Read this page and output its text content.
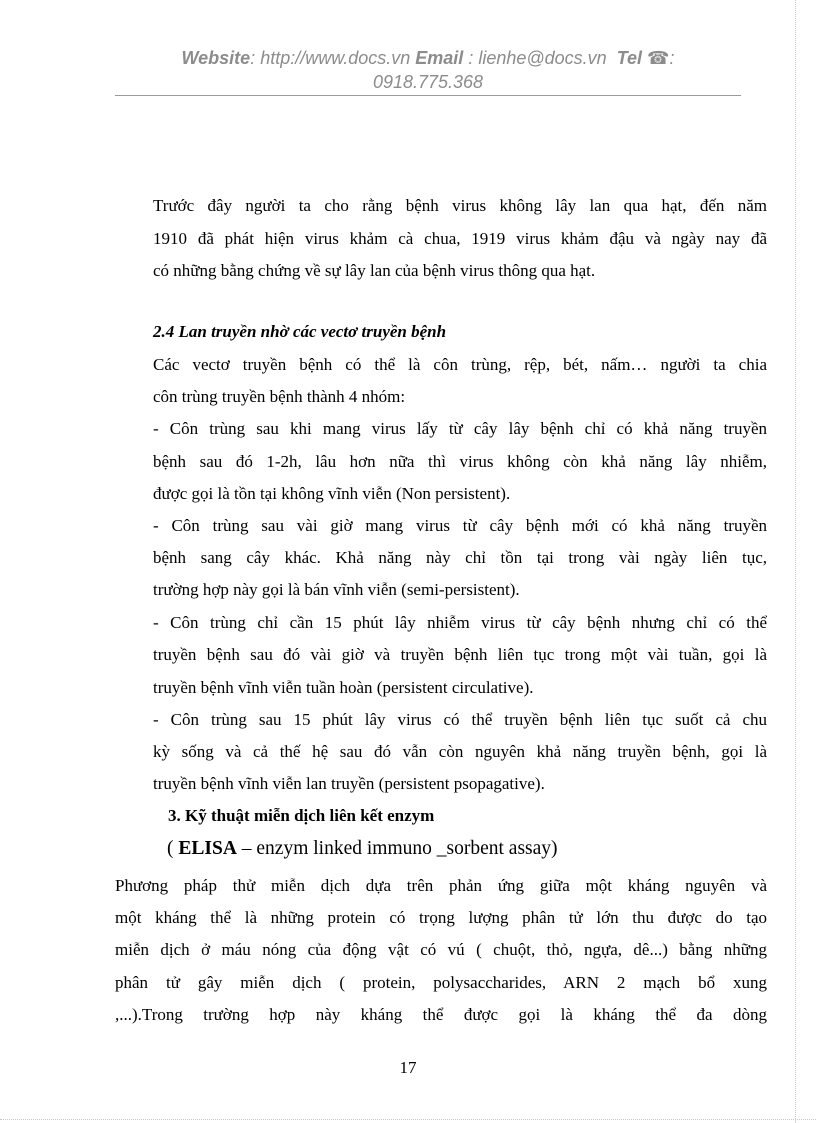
Website: http://www.docs.vn Email : lienhe@docs.vn Tel ☎:
0918.775.368
Trước đây người ta cho rằng bệnh virus không lây lan qua hạt, đến năm
1910 đã phát hiện virus khảm cà chua, 1919 virus khảm đậu và ngày nay đã
có những bằng chứng về sự lây lan của bệnh virus thông qua hạt.
2.4 Lan truyền nhờ các vectơ truyền bệnh
Các vectơ truyền bệnh có thể là côn trùng, rệp, bét, nấm… người ta chia
côn trùng truyền bệnh thành 4 nhóm:
- Côn trùng sau khi mang virus lấy từ cây lây bệnh chỉ có khả năng truyền
bệnh sau đó 1-2h, lâu hơn nữa thì virus không còn khả năng lây nhiễm,
được gọi là tồn tại không vĩnh viễn (Non persistent).
- Côn trùng sau vài giờ mang virus từ cây bệnh mới có khả năng truyền
bệnh sang cây khác. Khả năng này chỉ tồn tại trong vài ngày liên tục,
trường hợp này gọi là bán vĩnh viễn (semi-persistent).
- Côn trùng chỉ cần 15 phút lây nhiễm virus từ cây bệnh nhưng chỉ có thể
truyền bệnh sau đó vài giờ và truyền bệnh liên tục trong một vài tuần, gọi là
truyền bệnh vĩnh viễn tuần hoàn (persistent circulative).
- Côn trùng sau 15 phút lây virus có thể truyền bệnh liên tục suốt cả chu
kỳ sống và cả thế hệ sau đó vẫn còn nguyên khả năng truyền bệnh, gọi là
truyền bệnh vĩnh viễn lan truyền (persistent psopagative).
3. Kỹ thuật miễn dịch liên kết enzym
( ELISA – enzym linked immuno _sorbent assay)
Phương pháp thử miễn dịch dựa trên phản ứng giữa một kháng nguyên và
một kháng thể là những protein có trọng lượng phân tử lớn thu được do tạo
miễn dịch ở máu nóng của động vật có vú ( chuột, thỏ, ngựa, dê...) bằng những
phân tử gây miễn dịch ( protein, polysaccharides, ARN 2 mạch bổ xung
,...).Trong trường hợp này kháng thể được gọi là kháng thể đa dòng
17
